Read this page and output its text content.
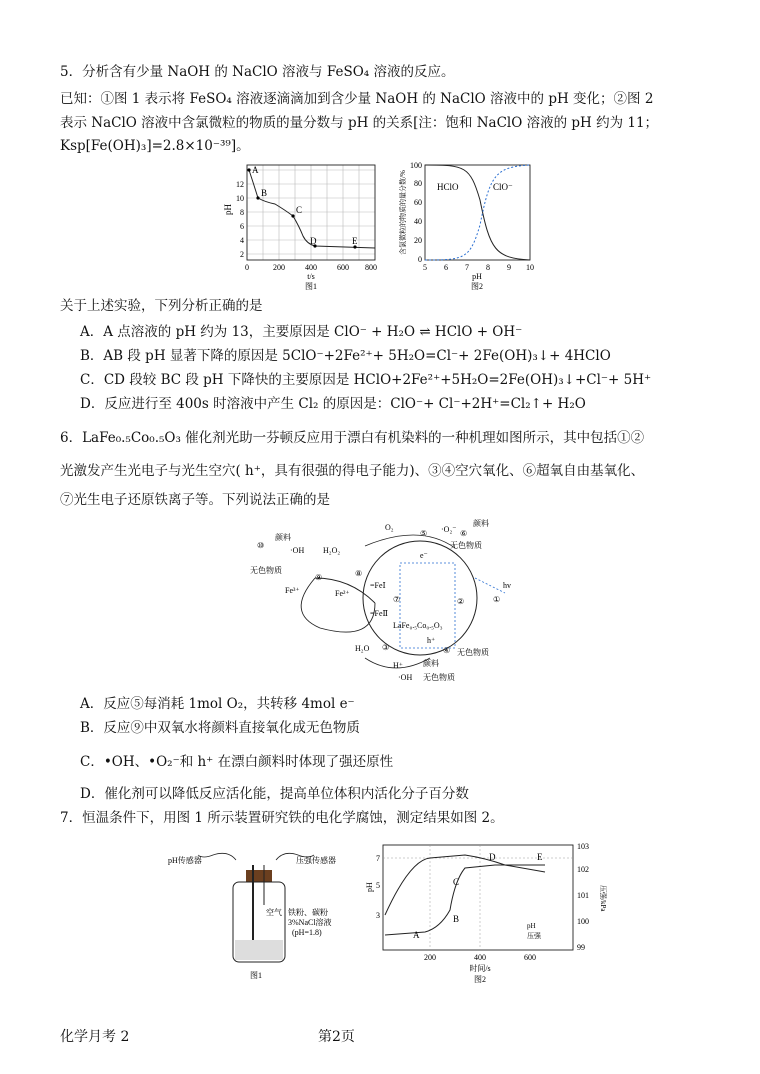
5．分析含有少量 NaOH 的 NaClO 溶液与 FeSO₄ 溶液的反应。
已知：①图 1 表示将 FeSO₄ 溶液逐滴滴加到含少量 NaOH 的 NaClO 溶液中的 pH 变化；②图 2
表示 NaClO 溶液中含氯微粒的物质的量分数与 pH 的关系[注：饱和 NaClO 溶液的 pH 约为 11；
Ksp[Fe(OH)₃]=2.8×10⁻³⁹]。
A
B
C
D	E
2
4
6
8
10
12
0	200	400	600 800
pH
t/s
图1
HClO	ClO⁻
0
20
40
60
80
100
5 6 7 8 9 10
含氯微粒的物质的量分数/%
pH
图2
关于上述实验，下列分析正确的是
A．A 点溶液的 pH 约为 13，主要原因是 ClO⁻ + H₂O ⇌ HClO + OH⁻
B．AB 段 pH 显著下降的原因是 5ClO⁻+2Fe²⁺+ 5H₂O=Cl⁻+ 2Fe(OH)₃↓+ 4HClO
C．CD 段较 BC 段 pH 下降快的主要原因是 HClO+2Fe²⁺+5H₂O=2Fe(OH)₃↓+Cl⁻+ 5H⁺
D．反应进行至 400s 时溶液中产生 Cl₂ 的原因是：ClO⁻+ Cl⁻+2H⁺=Cl₂↑+ H₂O
6．LaFe₀.₅Co₀.₅O₃ 催化剂光助一芬顿反应用于漂白有机染料的一种机理如图所示，其中包括①②
光激发产生光电子与光生空穴( h⁺，具有很强的得电子能力)、③④空穴氧化、⑥超氧自由基氧化、
⑦光生电子还原铁离子等。下列说法正确的是
⑩
颜料
·OH H₂O₂
⑨	⑧
无色物质
Fe³⁺	Fe²⁺
=FeⅠ
=FeⅡ
⑦
O₂
⑤ ·O₂⁻
颜料
⑥
无色物质
e⁻
hv
①
②
h⁺
H₂O ③
H⁺
·OH
颜料
④ 无色物质
无色物质
LaFe₀.₅Co₀.₅O₃
A．反应⑤每消耗 1mol O₂，共转移 4mol e⁻
B．反应⑨中双氧水将颜料直接氧化成无色物质
C．•OH、•O₂⁻和 h⁺ 在漂白颜料时体现了强还原性
D．催化剂可以降低反应活化能，提高单位体积内活化分子百分数
7．恒温条件下，用图 1 所示装置研究铁的电化学腐蚀，测定结果如图 2。
pH传感器	压强传感器
空气 铁粉、碳粉
3%NaCl溶液
(pH=1.8)
图1
A
B
C
D	E
3
5
7
99
100
101
102
103
200	400	600
pH	压强/kPa
时间/s
图2
pH
压强
化学月考 2	第2页
